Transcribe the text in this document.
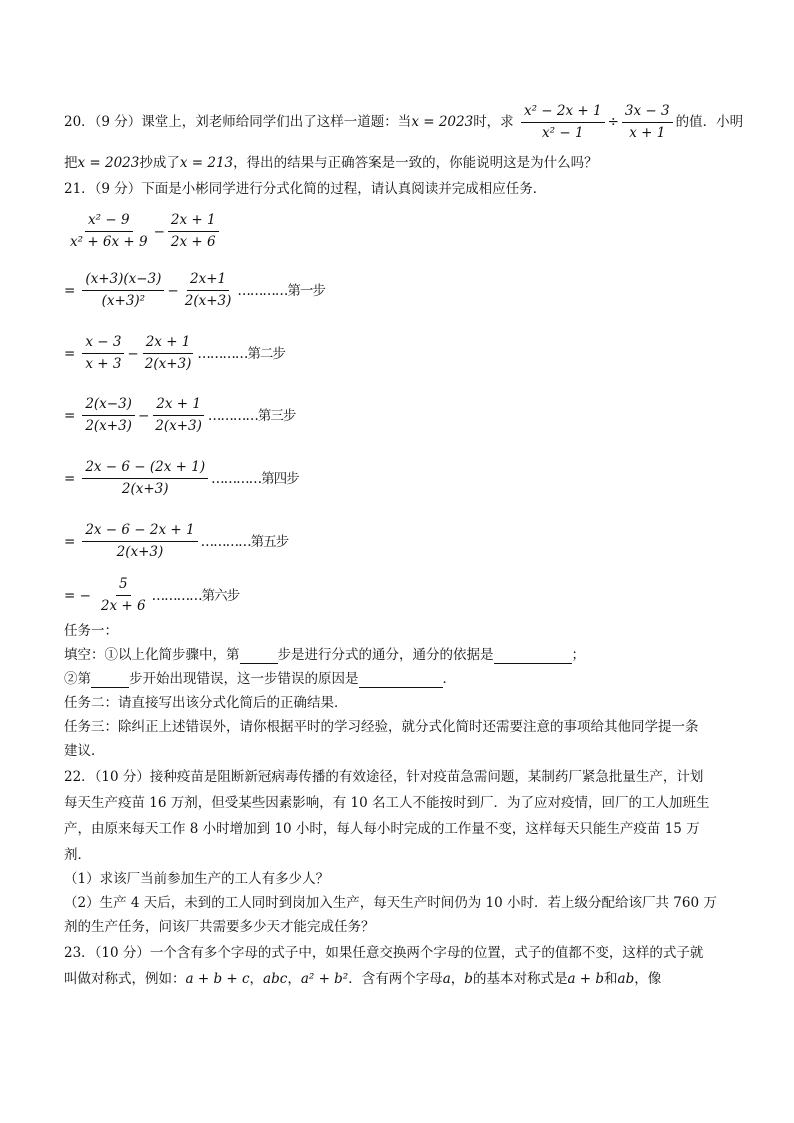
20．（9 分）课堂上，刘老师给同学们出了这样一道题：当x = 2023时，求 $\frac{\text{x² − 2x + 1}}{\text{x² − 1}} \div \frac{3x - 3}{x + 1}$ 的值．小明
把x = 2023抄成了x = 213，得出的结果与正确答案是一致的，你能说明这是为什么吗？
21．（9 分）下面是小彬同学进行分式化简的过程，请认真阅读并完成相应任务．
$\frac{\text{x² − 9}}{\text{x² + 6x + 9}} - \frac{2x + 1}{2x + 6}$
= $\frac{(x+3)(x-3)}{\text{(x+3)²}} - \frac{2x+1}{2(x+3)}$ …………第一步
= $\frac{x - 3}{x + 3} - \frac{2x + 1}{2(x+3)}$ …………第二步
= $\frac{2(x-3)}{2(x+3)} - \frac{2x + 1}{2(x+3)}$ …………第三步
= $\frac{2x - 6 - (2x + 1)}{2(x+3)}$ …………第四步
= $\frac{2x - 6 - 2x + 1}{2(x+3)}$ …………第五步
= − $\frac{5}{2x + 6}$ …………第六步
任务一：
填空：①以上化简步骤中，第	步是进行分式的通分，通分的依据是	；
②第	步开始出现错误，这一步错误的原因是	．
任务二：请直接写出该分式化简后的正确结果．
任务三：除纠正上述错误外，请你根据平时的学习经验，就分式化简时还需要注意的事项给其他同学提一条
建议．
22．（10 分）接种疫苗是阻断新冠病毒传播的有效途径，针对疫苗急需问题，某制药厂紧急批量生产，计划
每天生产疫苗 16 万剂，但受某些因素影响，有 10 名工人不能按时到厂．为了应对疫情，回厂的工人加班生
产，由原来每天工作 8 小时增加到 10 小时，每人每小时完成的工作量不变，这样每天只能生产疫苗 15 万
剂．
（1）求该厂当前参加生产的工人有多少人？
（2）生产 4 天后，未到的工人同时到岗加入生产，每天生产时间仍为 10 小时．若上级分配给该厂共 760 万
剂的生产任务，问该厂共需要多少天才能完成任务？
23．（10 分）一个含有多个字母的式子中，如果任意交换两个字母的位置，式子的值都不变，这样的式子就
叫做对称式，例如：a + b + c，abc，a² + b²．含有两个字母a，b的基本对称式是a + b和ab，像
